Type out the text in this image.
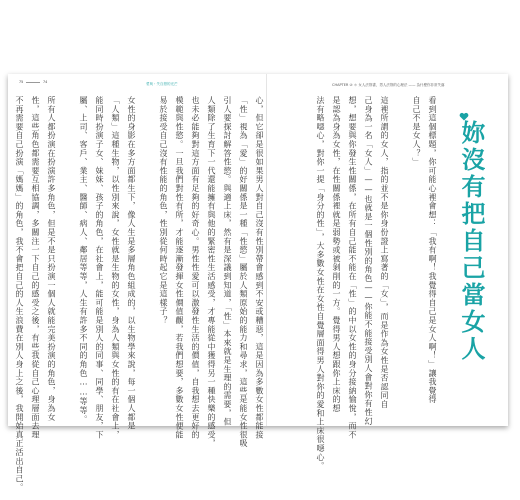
75	74	愛與・失自戀的光芒	CHAPTER ② ＊ 女人法則書，男人法則的心理法 —— 為什麼你非常失落
心，但它卻是很如果男人對自己沒有性別帶會感到不安或糟惡，這是因為多數女性都能接
「性」視為「愛」的好關係是一種「性慾」屬於人類原始的能力和尋求，這些是能女性很吸
引人要探討解答性慾。與適上床，然有是深議到知道，「性」本來就是生理的需要，但
人類除了生育下一代還能擁有與他的緊密性生活感受，才專能從中獲得另一種快樂的感受，
也未必能夠對這方面有足夠的好奇心。男性性愛可以激發性生活的價值，自我想去更好的
模範與性慾。一旦我們對性有所，才能逐漸發揮女性價值觀，若我們想要，多數女性便能
易於接受自己沒有性能的角色，性別從何時起它是這樣子？

女性的身影在多方面都生下，像人生是多層角色組成的，以生物學來說，每一個人都是
「人類」這種生物，以性別來說，女性就是生物的女性，身為人類與女性的有在社會上，
能同時扮演子女、妹妹、孩子的角色，在社會上，能可能是別人的同事、同學、朋友，下
屬、上司、客戶、業主、醫師、病人、鄰居等等，人生有許多不同的角色……等等。

所有人都扮演在扮演許多角色，但是不是只扮演一個人就能完美扮演的角色，身為女
性，這些角色都需要互相協調，多關注一下自己的感受之後，有些我從自己心理層面去理
不再需要自己扮演「媽媽」的角色，我不會把自己的人生浪費在別人身上之後，我開始真正活出自己。	看到這個標題，你可能心裡會想：「我有啊！我覺得自己是女人啊！」讓我覺得
自己不是女人？」

這裡所謂的女人，指的並不是你身份證上寫著的「女」，而是作為女性是否認同自
己身為一名「女人」——也就是一個性別的角色——你能不能接受別人會對你有性幻
想，想要與你發生性關係，在所有自己能不能在「性」的中以女性的身分接納愉悅，而不
是認為身為女性，在性關係裡就是弱勢或被剝削的一方。覺得男人想跟你上床的想
法有略噁心，對你一提「身分的性」，大多數女性在女性自覺層面得男人對你的愛和上床很噁心。	妳沒有把自己當女人
